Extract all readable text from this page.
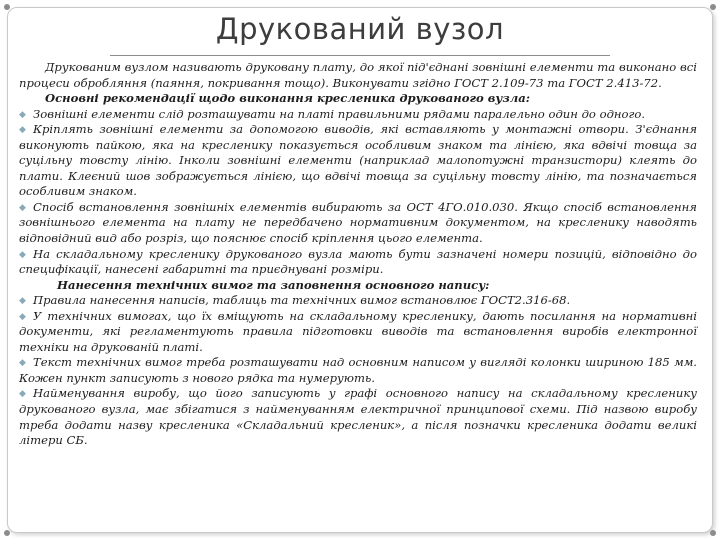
Друкований вузол

Друкованим вузлом називають друковану плату, до якої під'єднані зовнішні елементи та виконано всі процеси обробляння (паяння, покривання тощо). Виконувати згідно ГОСТ 2.109-73 та ГОСТ 2.413-72.

Основні рекомендації щодо виконання кресленика друкованого вузла:

◆ Зовнішні елементи слід розташувати на платі правильними рядами паралельно один до одного.

◆ Кріплять зовнішні елементи за допомогою виводів, які вставляють у монтажні отвори. З'єднання виконують пайкою, яка на кресленику показується особливим знаком та лінією, яка вдвічі товща за суцільну товсту лінію. Інколи зовнішні елементи (наприклад малопотужні транзистори) клеять до плати. Клеєний шов зображується лінією, що вдвічі товща за суцільну товсту лінію, та позначається особливим знаком.

◆ Спосіб встановлення зовнішніх елементів вибирають за ОСТ 4ГО.010.030. Якщо спосіб встановлення зовнішнього елемента на плату не передбачено нормативним документом, на кресленику наводять відповідний вид або розріз, що пояснює спосіб кріплення цього елемента.

◆ На складальному кресленику друкованого вузла мають бути зазначені номери позицій, відповідно до специфікації, нанесені габаритні та приєднувані розміри.

Нанесення технічних вимог та заповнення основного напису:

◆ Правила нанесення написів, таблиць та технічних вимог встановлює ГОСТ2.316-68.

◆ У технічних вимогах, що їх вміщують на складальному кресленику, дають посилання на нормативні документи, які регламентують правила підготовки виводів та встановлення виробів електронної техніки на друкованій платі.

◆ Текст технічних вимог треба розташувати над основним написом у вигляді колонки шириною 185 мм. Кожен пункт записують з нового рядка та нумерують.

◆ Найменування виробу, що його записують у графі основного напису на складальному кресленику друкованого вузла, має збігатися з найменуванням електричної принципової схеми. Під назвою виробу треба додати назву кресленика «Складальний кресленик», а після позначки кресленика додати великі літери СБ.
